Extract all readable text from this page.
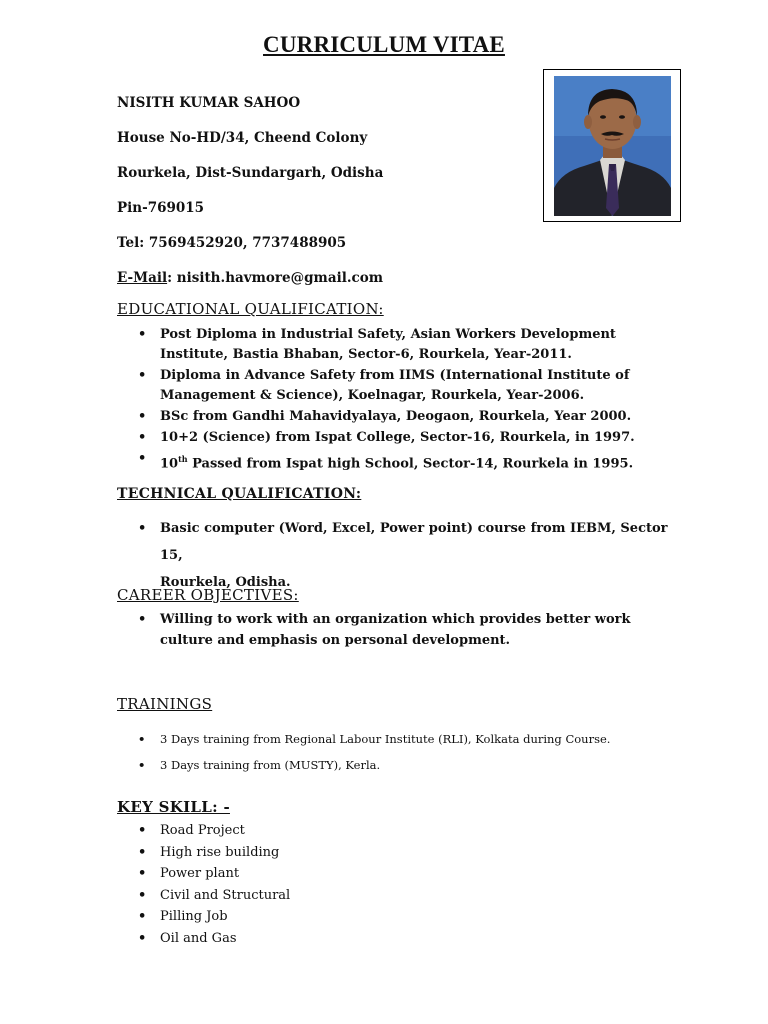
CURRICULUM VITAE
NISITH KUMAR SAHOO
House No-HD/34, Cheend Colony
Rourkela, Dist-Sundargarh, Odisha
Pin-769015
Tel: 7569452920, 7737488905
E-Mail: nisith.havmore@gmail.com
EDUCATIONAL QUALIFICATION:
• Post Diploma in Industrial Safety, Asian Workers Development Institute, Bastia Bhaban, Sector-6, Rourkela, Year-2011.
• Diploma in Advance Safety from IIMS (International Institute of Management & Science), Koelnagar, Rourkela, Year-2006.
• BSc from Gandhi Mahavidyalaya, Deogaon, Rourkela, Year 2000.
• 10+2 (Science) from Ispat College, Sector-16, Rourkela, in 1997.
• 10th Passed from Ispat high School, Sector-14, Rourkela in 1995.
TECHNICAL QUALIFICATION:
• Basic computer (Word, Excel, Power point) course from IEBM, Sector 15,
Rourkela, Odisha.
CAREER OBJECTIVES:
• Willing to work with an organization which provides better work culture and emphasis on personal development.
TRAININGS
• 3 Days training from Regional Labour Institute (RLI), Kolkata during Course.
• 3 Days training from (MUSTY), Kerla.
KEY SKILL: -
• Road Project
• High rise building
• Power plant
• Civil and Structural
• Pilling Job
• Oil and Gas
